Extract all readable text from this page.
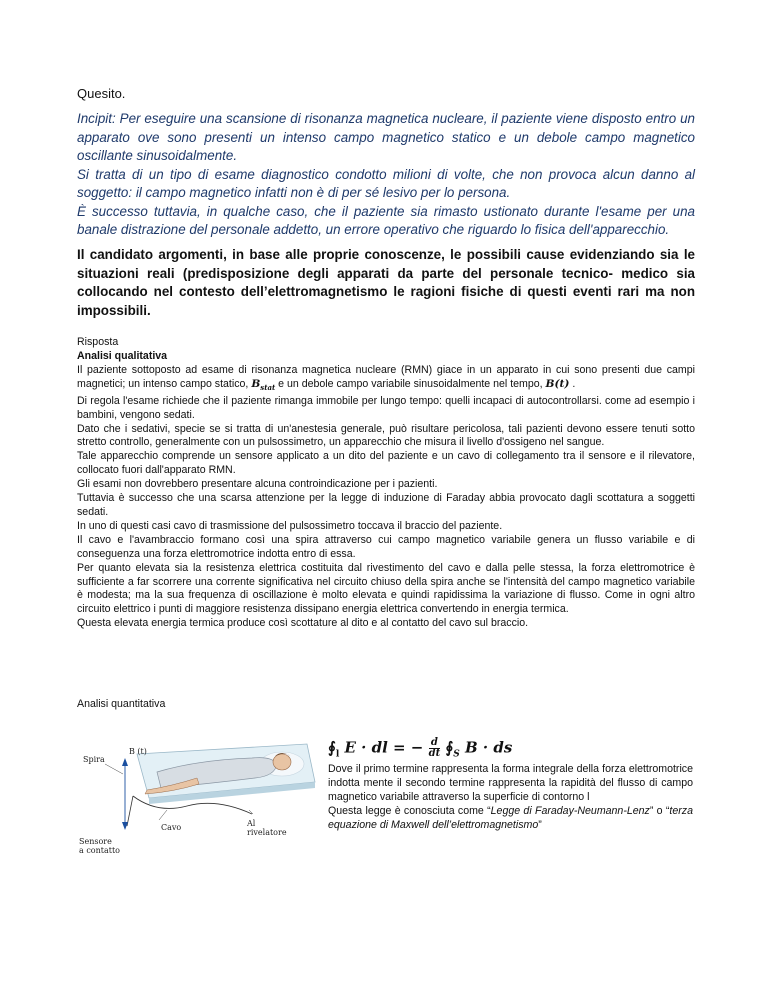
Quesito.

Incipit: Per eseguire una scansione di risonanza magnetica nucleare, il paziente viene disposto entro un apparato ove sono presenti un intenso campo magnetico statico e un debole campo magnetico oscillante sinusoidalmente.

Si tratta di un tipo di esame diagnostico condotto milioni di volte, che non provoca alcun danno al soggetto: il campo magnetico infatti non è di per sé lesivo per lo persona.

È successo tuttavia, in qualche caso, che il paziente sia rimasto ustionato durante l'esame per una banale distrazione del personale addetto, un errore operativo che riguardo lo fisica dell'apparecchio.

Il candidato argomenti, in base alle proprie conoscenze, le possibili cause evidenziando sia le situazioni reali (predisposizione degli apparati da parte del personale tecnico- medico sia collocando nel contesto dell’elettromagnetismo le ragioni fisiche di questi eventi rari ma non impossibili.

Risposta

Analisi qualitativa

Il paziente sottoposto ad esame di risonanza magnetica nucleare (RMN) giace in un apparato in cui sono presenti due campi magnetici; un intenso campo statico, $B_{stat}$ e un debole campo variabile sinusoidalmente nel tempo, B(t) .

Di regola l'esame richiede che il paziente rimanga immobile per lungo tempo: quelli incapaci di autocontrollarsi. come ad esempio i bambini, vengono sedati.

Dato che i sedativi, specie se si tratta di un'anestesia generale, può risultare pericolosa, tali pazienti devono essere tenuti sotto stretto controllo, generalmente con un pulsossimetro, un apparecchio che misura il livello d'ossigeno nel sangue.

Tale apparecchio comprende un sensore applicato a un dito del paziente e un cavo di collegamento tra il sensore e il rilevatore, collocato fuori dall'apparato RMN.

Gli esami non dovrebbero presentare alcuna controindicazione per i pazienti.

Tuttavia è successo che una scarsa attenzione per la legge di induzione di Faraday abbia provocato dagli scottatura a soggetti sedati.

In uno di questi casi cavo di trasmissione del pulsossimetro toccava il braccio del paziente.

Il cavo e l'avambraccio formano così una spira attraverso cui campo magnetico variabile genera un flusso variabile e di conseguenza una forza elettromotrice indotta entro di essa.

Per quanto elevata sia la resistenza elettrica costituita dal rivestimento del cavo e dalla pelle stessa, la forza elettromotrice è sufficiente a far scorrere una corrente significativa nel circuito chiuso della spira anche se l'intensità del campo magnetico variabile è modesta; ma la sua frequenza di oscillazione è molto elevata e quindi rapidissima la variazione di flusso. Come in ogni altro circuito elettrico i punti di maggiore resistenza dissipano energia elettrica convertendo in energia termica.

Questa elevata energia termica produce così scottature al dito e al contatto del cavo sul braccio.

Analisi quantitativa
Spira
B (t)
Cavo	Al
rivelatore
Sensore
a contatto
$∮_l$ E · dl = − $\frac{d}{dt}$ $∮_S$ B · ds

Dove il primo termine rappresenta la forma integrale della forza elettromotrice indotta mente il secondo termine rappresenta la rapidità del flusso di campo magnetico variabile attraverso la superficie di contorno l

Questa legge è conosciuta come “Legge di Faraday-Neumann-Lenz” o “terza equazione di Maxwell dell’elettromagnetismo”
